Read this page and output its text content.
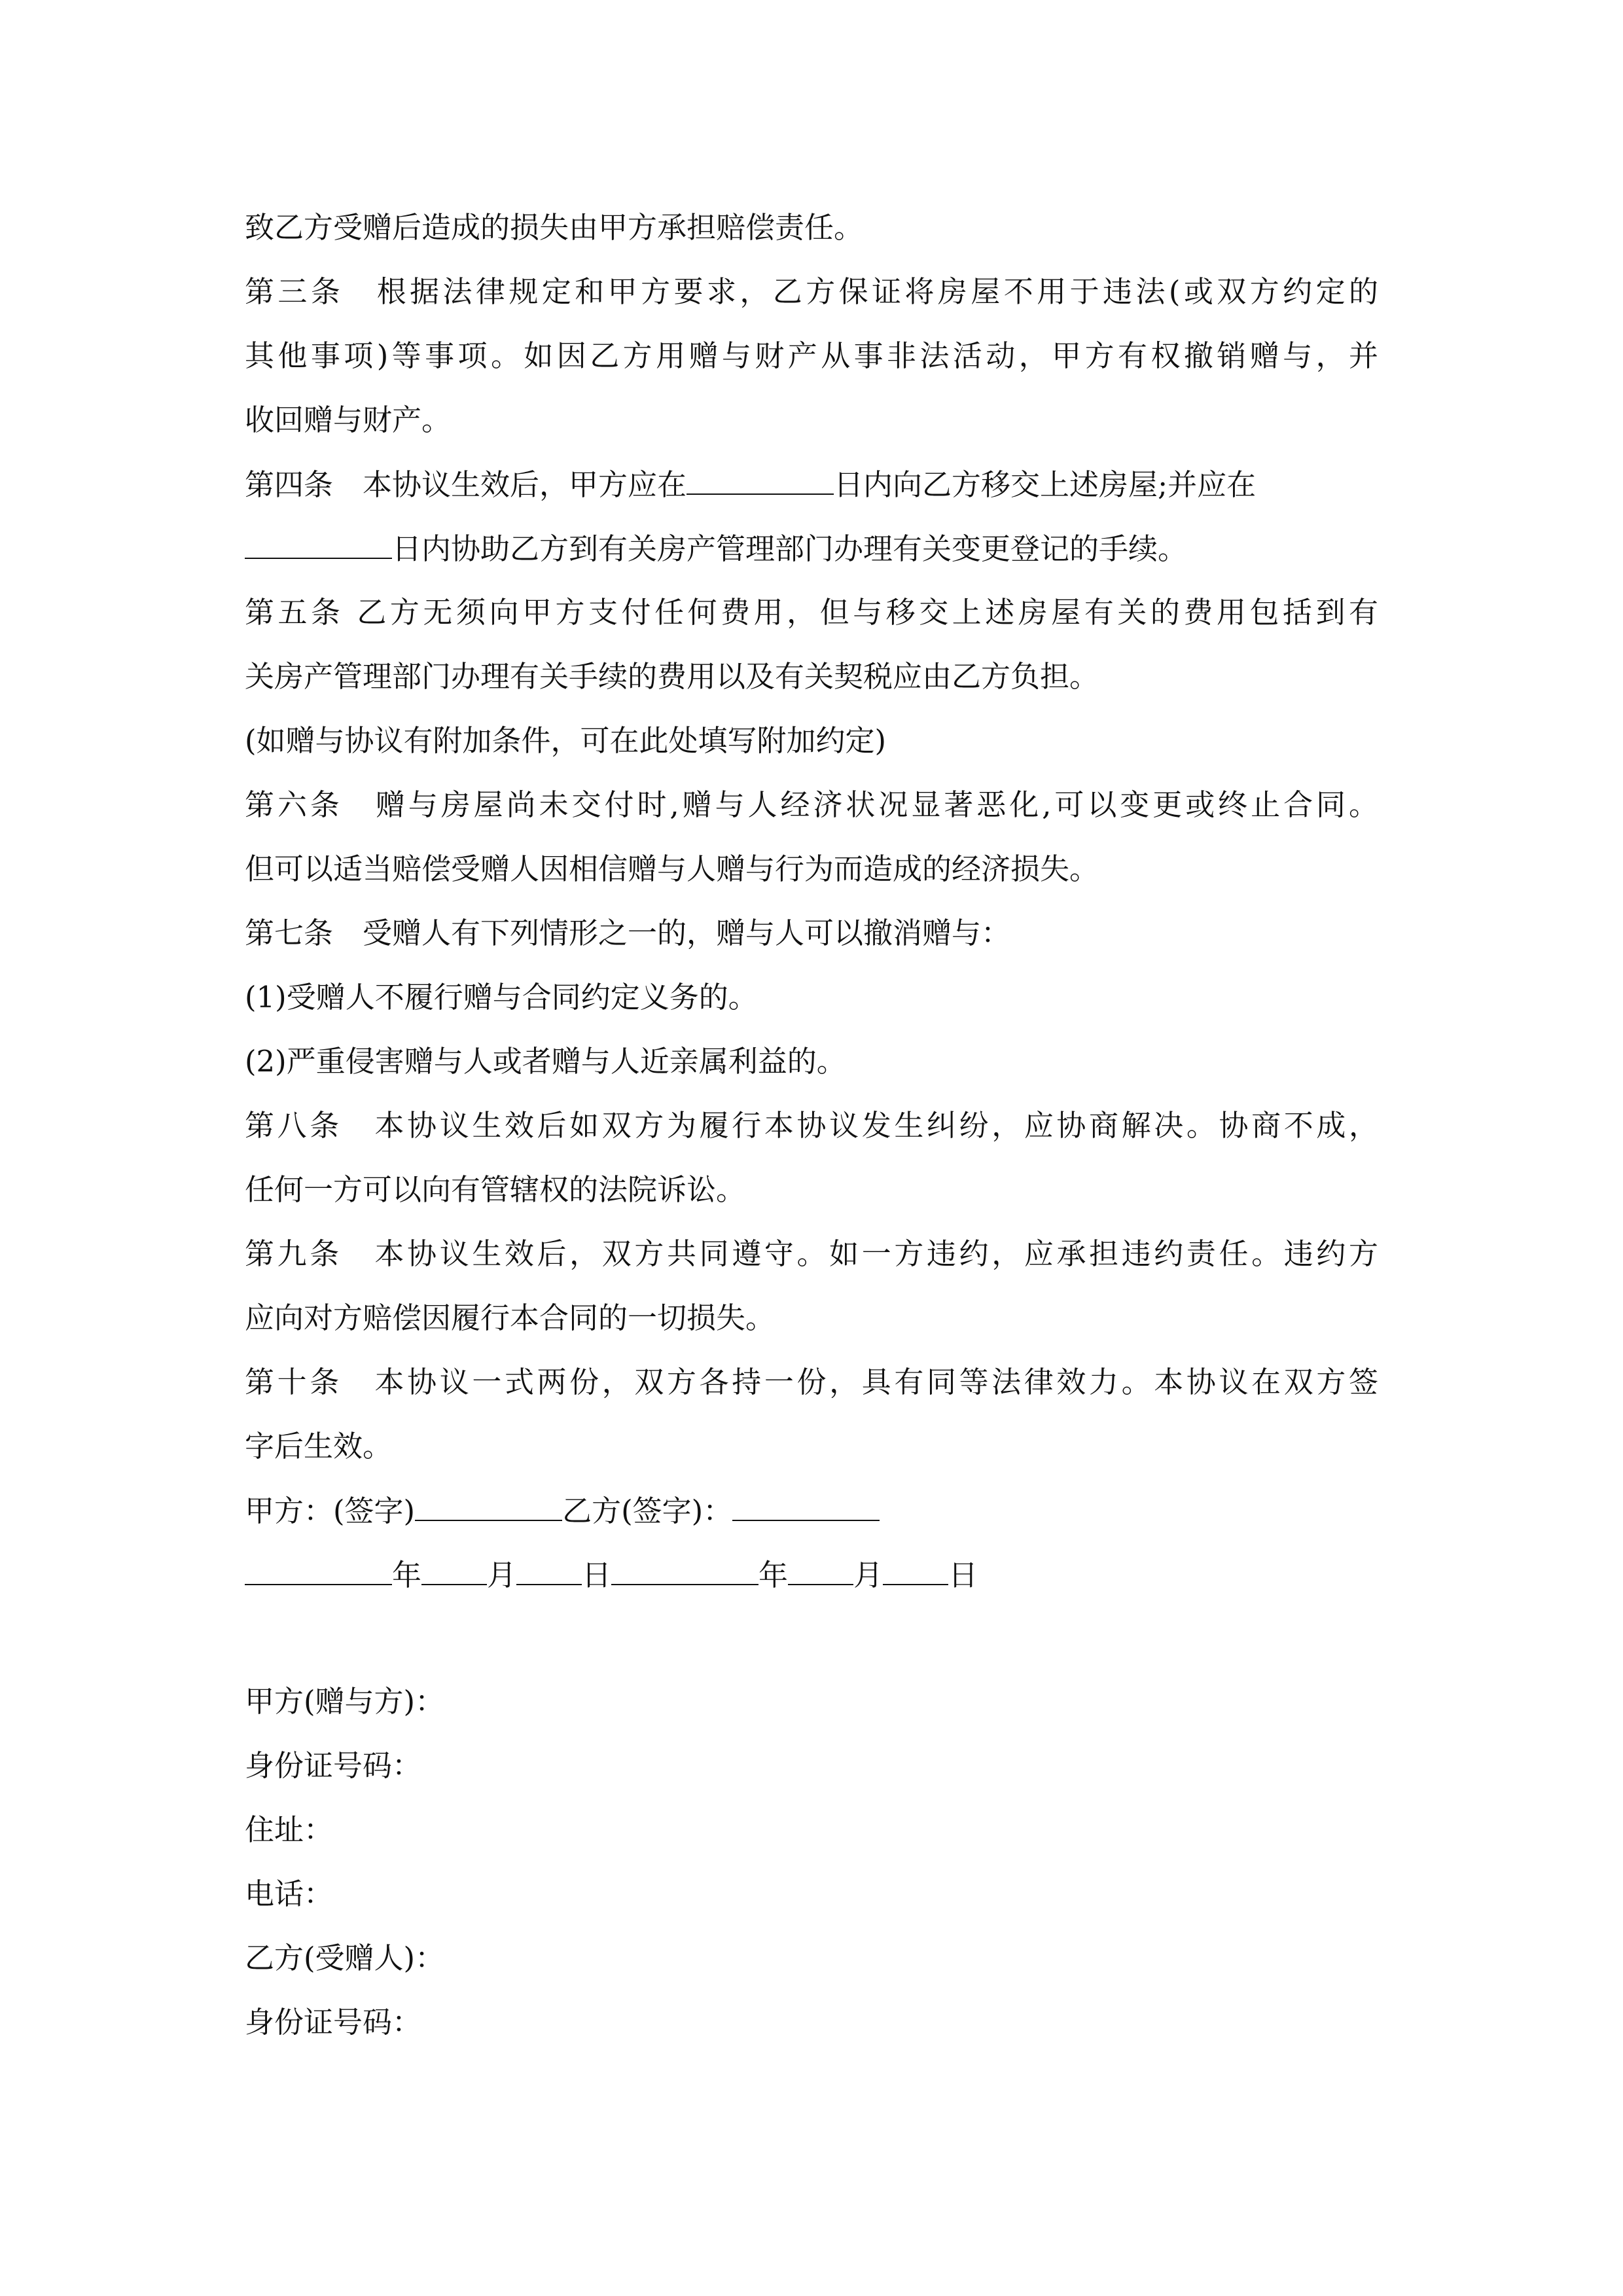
致乙方受赠后造成的损失由甲方承担赔偿责任。
第三条　根据法律规定和甲方要求，乙方保证将房屋不用于违法(或双方约定的
其他事项)等事项。如因乙方用赠与财产从事非法活动，甲方有权撤销赠与，并
收回赠与财产。
第四条　本协议生效后，甲方应在	日内向乙方移交上述房屋;并应在
日内协助乙方到有关房产管理部门办理有关变更登记的手续。
第五条 乙方无须向甲方支付任何费用，但与移交上述房屋有关的费用包括到有
关房产管理部门办理有关手续的费用以及有关契税应由乙方负担。
(如赠与协议有附加条件，可在此处填写附加约定)
第六条　赠与房屋尚未交付时,赠与人经济状况显著恶化,可以变更或终止合同。
但可以适当赔偿受赠人因相信赠与人赠与行为而造成的经济损失。
第七条　受赠人有下列情形之一的，赠与人可以撤消赠与：
(1)受赠人不履行赠与合同约定义务的。
(2)严重侵害赠与人或者赠与人近亲属利益的。
第八条　本协议生效后如双方为履行本协议发生纠纷，应协商解决。协商不成，
任何一方可以向有管辖权的法院诉讼。
第九条　本协议生效后，双方共同遵守。如一方违约，应承担违约责任。违约方
应向对方赔偿因履行本合同的一切损失。
第十条　本协议一式两份，双方各持一份，具有同等法律效力。本协议在双方签
字后生效。
甲方：(签字)	乙方(签字)：
年 月 日	年 月 日
甲方(赠与方)：
身份证号码：
住址：
电话：
乙方(受赠人)：
身份证号码：
